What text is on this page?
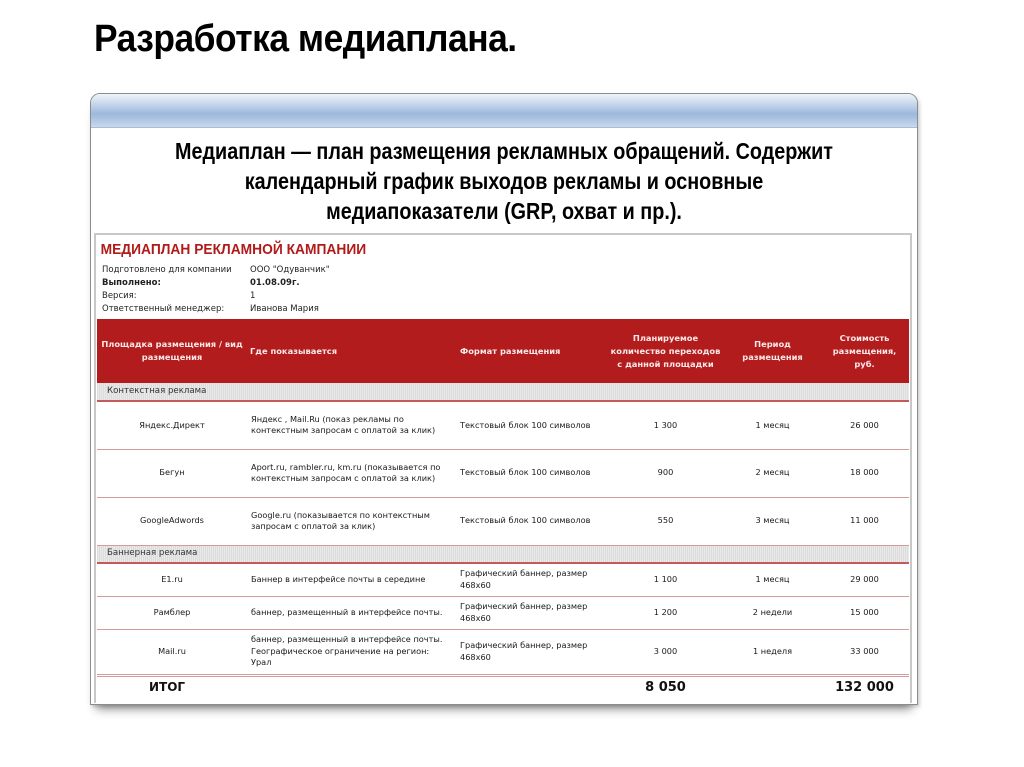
Разработка медиаплана.
Медиаплан — план размещения рекламных обращений. Содержит
календарный график выходов рекламы и основные
медиапоказатели (GRP, охват и пр.).
МЕДИАПЛАН РЕКЛАМНОЙ КАМПАНИИ
Подготовлено для компании	ООО "Одуванчик"
Выполнено:	01.08.09г.
Версия:	1
Ответственный менеджер:	Иванова Мария
Площадка размещения / вид размещения	Где показывается	Формат размещения	Планируемое количество переходов с данной площадки	Период размещения	Стоимость размещения, руб.
Контекстная реклама					
Яндекс.Директ	Яндекс , Mail.Ru (показ рекламы по контекстным запросам с оплатой за клик)	Текстовый блок 100 символов	1 300	1 месяц	26 000
Бегун	Aport.ru, rambler.ru, km.ru (показывается по контекстным запросам с оплатой за клик)	Текстовый блок 100 символов	900	2 месяц	18 000
GoogleAdwords	Google.ru (показывается по контекстным запросам с оплатой за клик)	Текстовый блок 100 символов	550	3 месяц	11 000
Баннерная реклама					
E1.ru	Баннер в интерфейсе почты в середине	Графический баннер, размер 468х60	1 100	1 месяц	29 000
Рамблер	баннер, размещенный в интерфейсе почты.	Графический баннер, размер 468х60	1 200	2 недели	15 000
Mail.ru	баннер, размещенный в интерфейсе почты. Географическое ограничение на регион: Урал	Графический баннер, размер 468х60	3 000	1 неделя	33 000
ИТОГ			8 050		132 000
